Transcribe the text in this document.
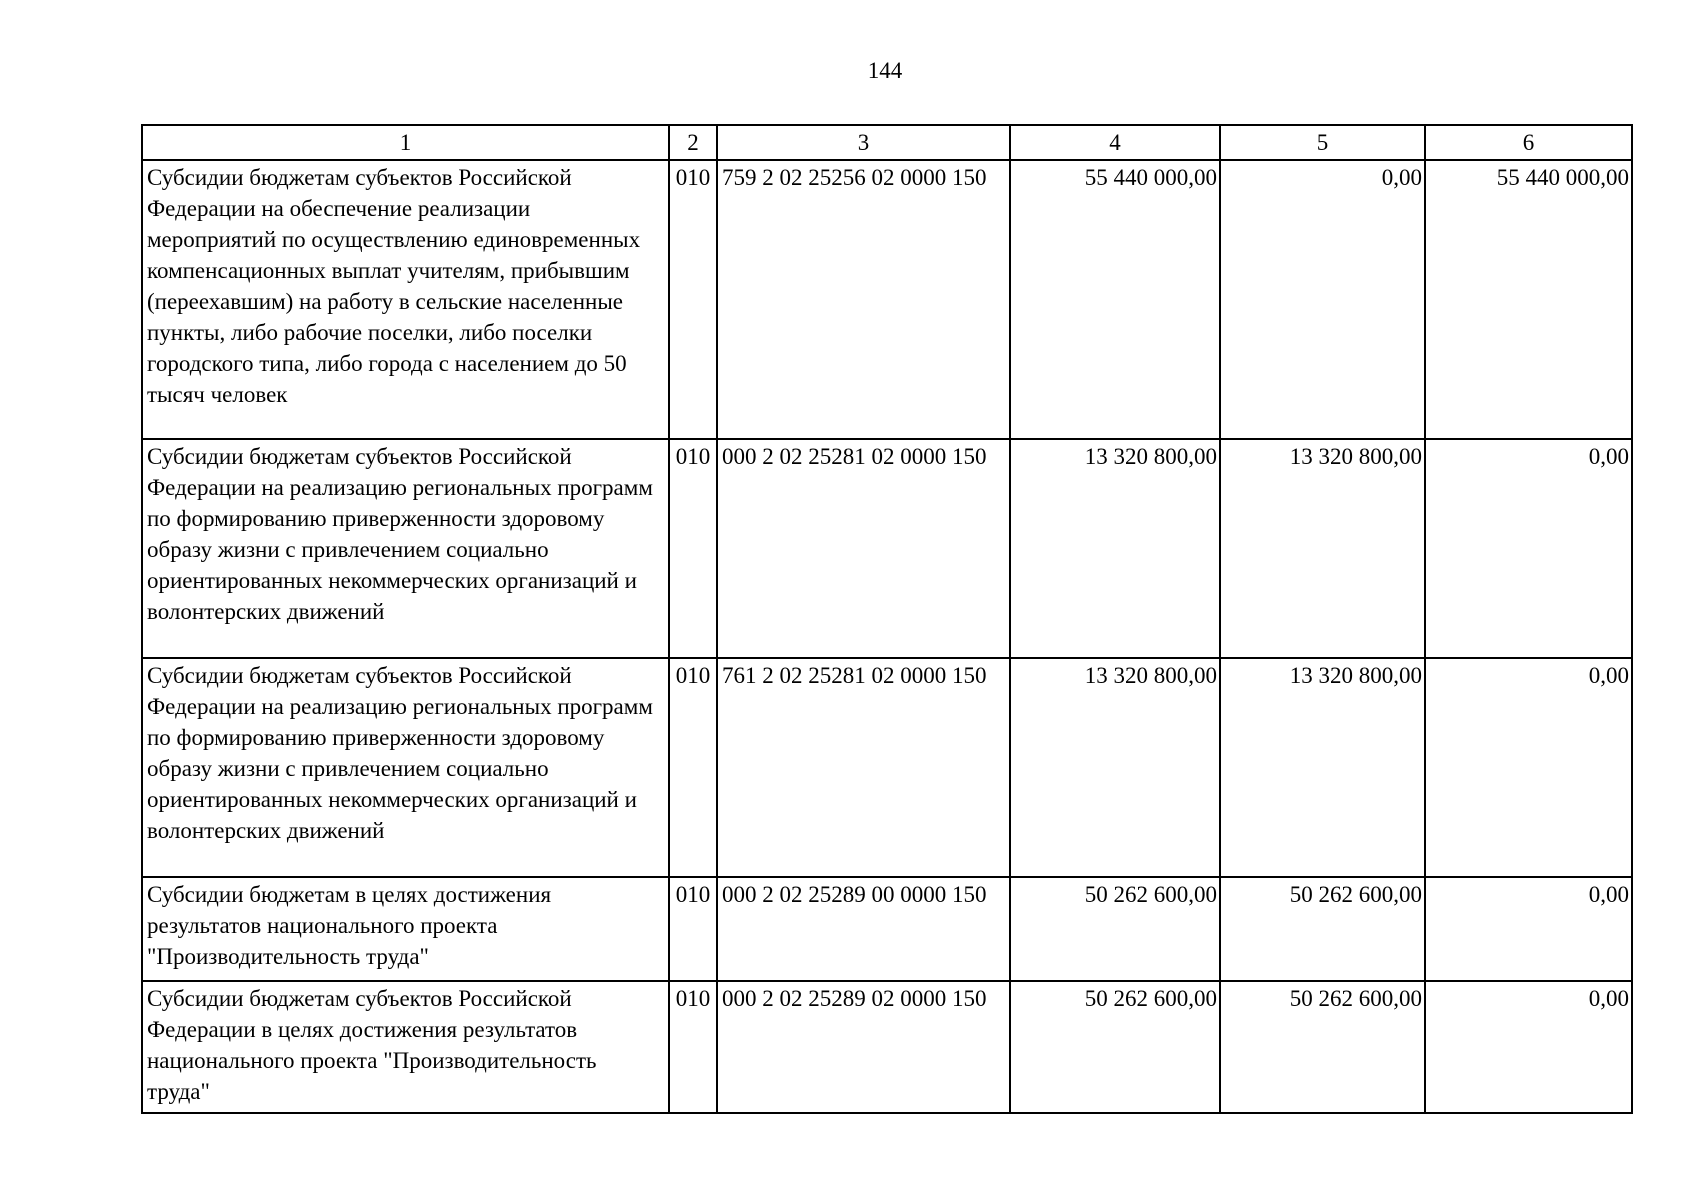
144
1	2	3	4	5	6
Субсидии бюджетам субъектов Российской Федерации на обеспечение реализации мероприятий по осуществлению единовременных компенсационных выплат учителям, прибывшим (переехавшим) на работу в сельские населенные пункты, либо рабочие поселки, либо поселки городского типа, либо города с населением до 50 тысяч человек	010	759 2 02 25256 02 0000 150	55 440 000,00	0,00	55 440 000,00
Субсидии бюджетам субъектов Российской Федерации на реализацию региональных программ по формированию приверженности здоровому образу жизни с привлечением социально ориентированных некоммерческих организаций и волонтерских движений	010	000 2 02 25281 02 0000 150	13 320 800,00	13 320 800,00	0,00
Субсидии бюджетам субъектов Российской Федерации на реализацию региональных программ по формированию приверженности здоровому образу жизни с привлечением социально ориентированных некоммерческих организаций и волонтерских движений	010	761 2 02 25281 02 0000 150	13 320 800,00	13 320 800,00	0,00
Субсидии бюджетам в целях достижения результатов национального проекта "Производительность труда"	010	000 2 02 25289 00 0000 150	50 262 600,00	50 262 600,00	0,00
Субсидии бюджетам субъектов Российской Федерации в целях достижения результатов национального проекта "Производительность труда"	010	000 2 02 25289 02 0000 150	50 262 600,00	50 262 600,00	0,00
